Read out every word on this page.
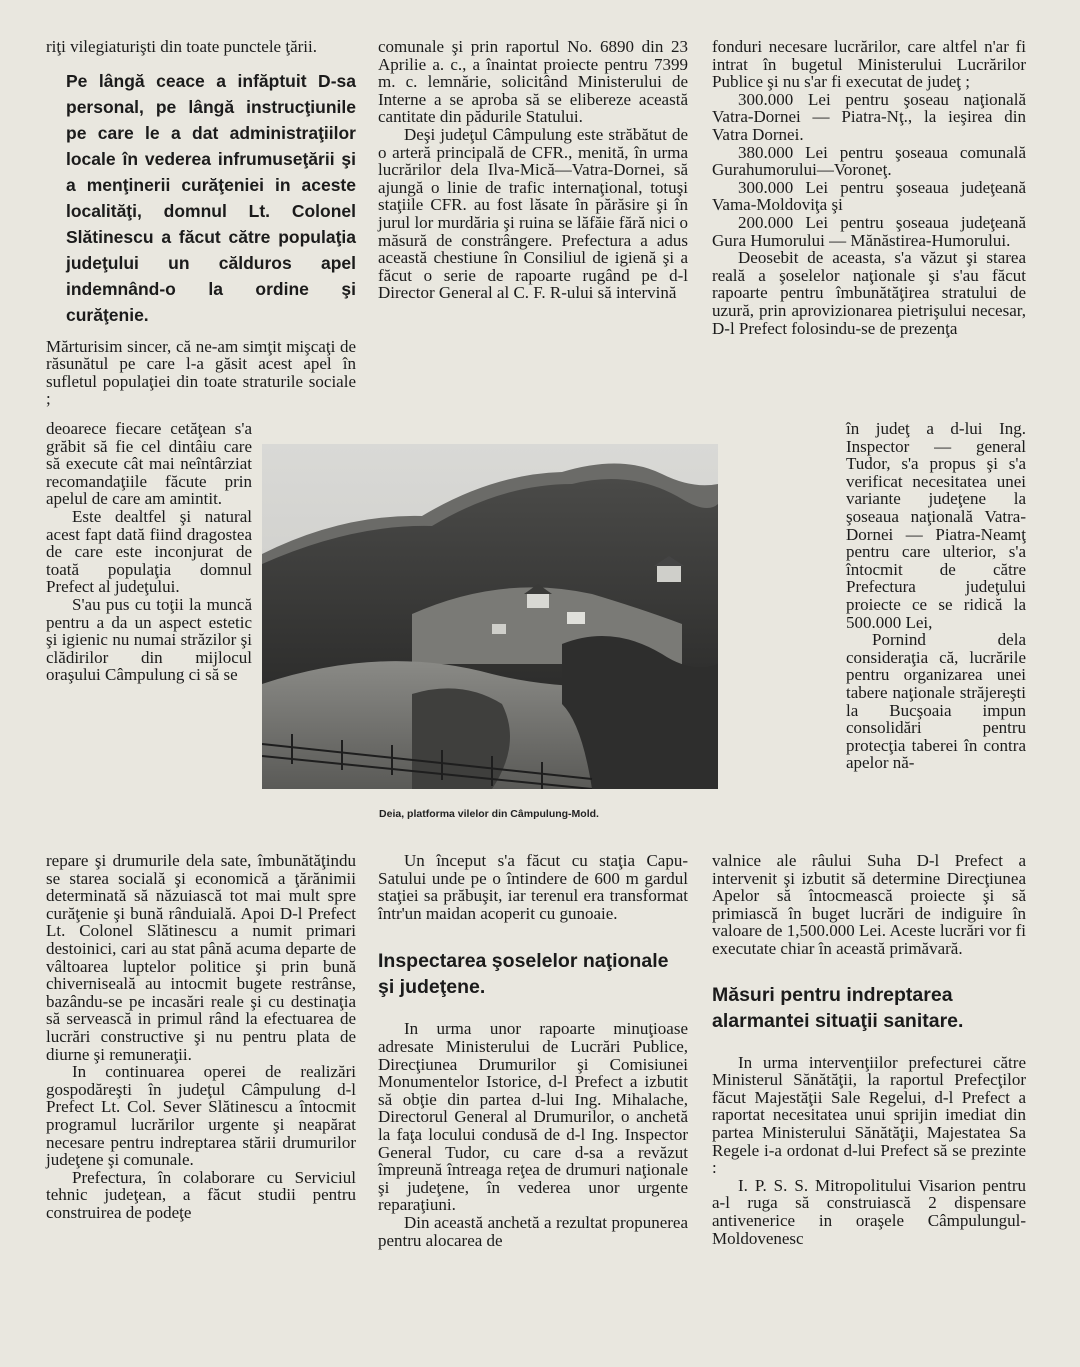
riţi vilegiaturişti din toate punctele ţării.

Pe lângă ceace a infăptuit D-sa personal, pe lângă instrucţiunile pe care le a dat administraţiilor locale în vederea infrumuseţării şi a menţinerii curăţeniei in aceste localităţi, domnul Lt. Colonel Slătinescu a făcut către populaţia judeţului un călduros apel indemnând-o la ordine şi curăţenie.

Mărturisim sincer, că ne-am simţit mişcaţi de răsunătul pe care l-a găsit acest apel în sufletul populaţiei din toate straturile sociale ;

deoarece fiecare cetăţean s'a grăbit să fie cel dintâiu care să execute cât mai neîntârziat recomandaţiile făcute prin apelul de care am amintit.

Este dealtfel şi natural acest fapt dată fiind dragostea de care este inconjurat de toată populaţia domnul Prefect al judeţului.

S'au pus cu toţii la muncă pentru a da un aspect estetic şi igienic nu numai străzilor şi clădirilor din mijlocul oraşului Câmpulung ci să se

repare şi drumurile dela sate, îmbunătăţindu se starea socială şi economică a ţărănimii determinată să năzuiască tot mai mult spre curăţenie şi bună rânduială. Apoi D-l Prefect Lt. Colonel Slătinescu a numit primari destoinici, cari au stat până acuma departe de vâltoarea luptelor politice şi prin bună chiverniseală au intocmit bugete restrânse, bazându-se pe incasări reale şi cu destinaţia să servească in primul rând la efectuarea de lucrări constructive şi nu pentru plata de diurne şi remuneraţii.

In continuarea operei de realizări gospodăreşti în judeţul Câmpulung d-l Prefect Lt. Col. Sever Slătinescu a întocmit programul lucrărilor urgente şi neapărat necesare pentru indreptarea stării drumurilor judeţene şi comunale.

Prefectura, în colaborare cu Serviciul tehnic judeţean, a făcut studii pentru construirea de podeţe

comunale şi prin raportul No. 6890 din 23 Aprilie a. c., a înaintat proiecte pentru 7399 m. c. lemnărie, solicitând Ministerului de Interne a se aproba să se elibereze această cantitate din pădurile Statului.

Deşi judeţul Câmpulung este străbătut de o arteră principală de CFR., menită, în urma lucrărilor dela Ilva-Mică—Vatra-Dornei, să ajungă o linie de trafic internaţional, totuşi staţiile CFR. au fost lăsate în părăsire şi în jurul lor murdăria şi ruina se lăfăie fără nici o măsură de constrângere. Prefectura a adus această chestiune în Consiliul de igienă şi a făcut o serie de rapoarte rugând pe d-l Director General al C. F. R-ului să intervină

Un început s'a făcut cu staţia Capu-Satului unde pe o întindere de 600 m gardul staţiei sa prăbuşit, iar terenul era transformat într'un maidan acoperit cu gunoaie.

Inspectarea şoselelor naţionale şi judeţene.

In urma unor rapoarte minuţioase adresate Ministerului de Lucrări Publice, Direcţiunea Drumurilor şi Comisiunei Monumentelor Istorice, d-l Prefect a izbutit să obţie din partea d-lui Ing. Mihalache, Directorul General al Drumurilor, o anchetă la faţa locului condusă de d-l Ing. Inspector General Tudor, cu care d-sa a revăzut împreună întreaga reţea de drumuri naţionale şi judeţene, în vederea unor urgente reparaţiuni.

Din această anchetă a rezultat propunerea pentru alocarea de

fonduri necesare lucrărilor, care altfel n'ar fi intrat în bugetul Ministerului Lucrărilor Publice şi nu s'ar fi executat de judeţ ;

300.000 Lei pentru şoseau naţională Vatra-Dornei — Piatra-Nţ., la ieşirea din Vatra Dornei.

380.000 Lei pentru şoseaua comunală Gurahumorului—Voroneţ.

300.000 Lei pentru şoseaua judeţeană Vama-Moldoviţa şi

200.000 Lei pentru şoseaua judeţeană Gura Humorului — Mănăstirea-Humorului.

Deosebit de aceasta, s'a văzut şi starea reală a şoselelor naţionale şi s'au făcut rapoarte pentru îmbunătăţirea stratului de uzură, prin aprovizionarea pietrişului necesar, D-l Prefect folosindu-se de prezenţa

în judeţ a d-lui Ing. Inspector — general Tudor, s'a propus şi s'a verificat necesitatea unei variante judeţene la şoseaua naţională Vatra-Dornei — Piatra-Neamţ pentru care ulterior, s'a întocmit de către Prefectura judeţului proiecte ce se ridică la 500.000 Lei,

Pornind dela consideraţia că, lucrările pentru organizarea unei tabere naţionale străjereşti la Bucşoaia impun consolidări pentru protecţia taberei în contra apelor nă-

valnice ale râului Suha D-l Prefect a intervenit şi izbutit să determine Direcţiunea Apelor să întocmească proiecte şi să primiască în buget lucrări de indiguire în valoare de 1,500.000 Lei. Aceste lucrări vor fi executate chiar în această primăvară.

Măsuri pentru indreptarea alarmantei situaţii sanitare.

In urma intervenţiilor prefecturei către Ministerul Sănătăţii, la raportul Prefecţilor făcut Majestăţii Sale Regelui, d-l Prefect a raportat necesitatea unui sprijin imediat din partea Ministerului Sănătăţii, Majestatea Sa Regele i-a ordonat d-lui Prefect să se prezinte :

I. P. S. S. Mitropolitului Visarion pentru a-l ruga să construiască 2 dispensare antivenerice in oraşele Câmpulungul-Moldovenesc

Deia, platforma vilelor din Câmpulung-Mold.
